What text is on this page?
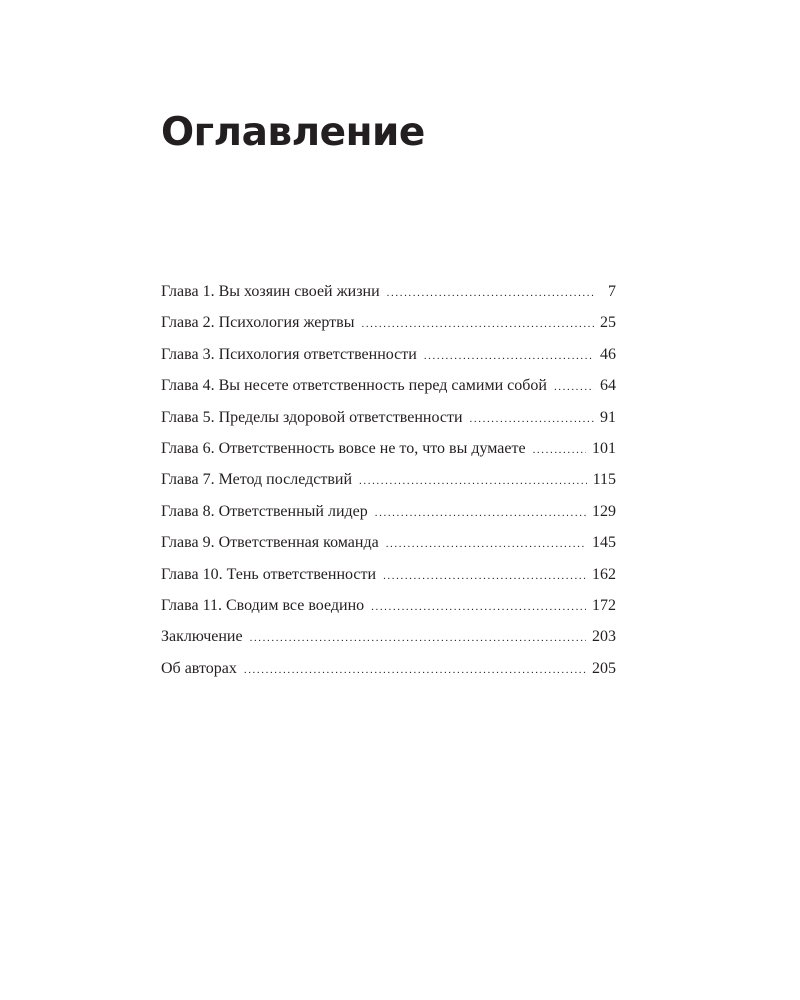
Оглавление
Глава 1. Вы хозяин своей жизни .....	7
Глава 2. Психология жертвы .....	25
Глава 3. Психология ответственности .....	46
Глава 4. Вы несете ответственность перед самими собой .....	64
Глава 5. Пределы здоровой ответственности .....	91
Глава 6. Ответственность вовсе не то, что вы думаете .....	101
Глава 7. Метод последствий .....	115
Глава 8. Ответственный лидер .....	129
Глава 9. Ответственная команда .....	145
Глава 10. Тень ответственности .....	162
Глава 11. Сводим все воедино .....	172
Заключение .....	203
Об авторах .....	205
